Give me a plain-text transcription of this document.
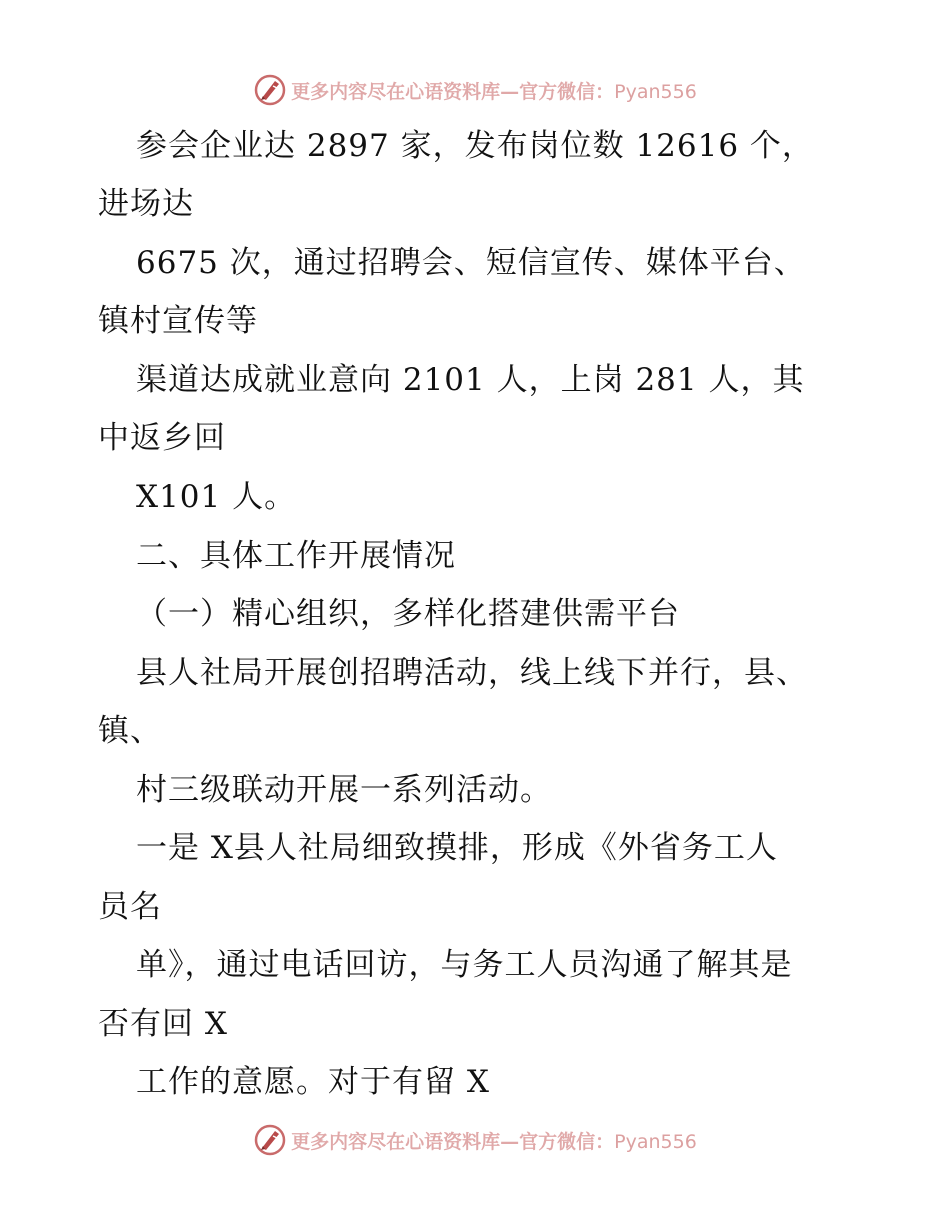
更多内容尽在心语资料库—官方微信：Pyan556
参会企业达 2897 家，发布岗位数 12616 个，
进场达
6675 次，通过招聘会、短信宣传、媒体平台、
镇村宣传等
渠道达成就业意向 2101 人，上岗 281 人，其
中返乡回
X101 人。
二、具体工作开展情况
（一）精心组织，多样化搭建供需平台
县人社局开展创招聘活动，线上线下并行，县、
镇、
村三级联动开展一系列活动。
一是 X县人社局细致摸排，形成《外省务工人
员名
单》，通过电话回访，与务工人员沟通了解其是
否有回 X
工作的意愿。对于有留 X
更多内容尽在心语资料库—官方微信：Pyan556
